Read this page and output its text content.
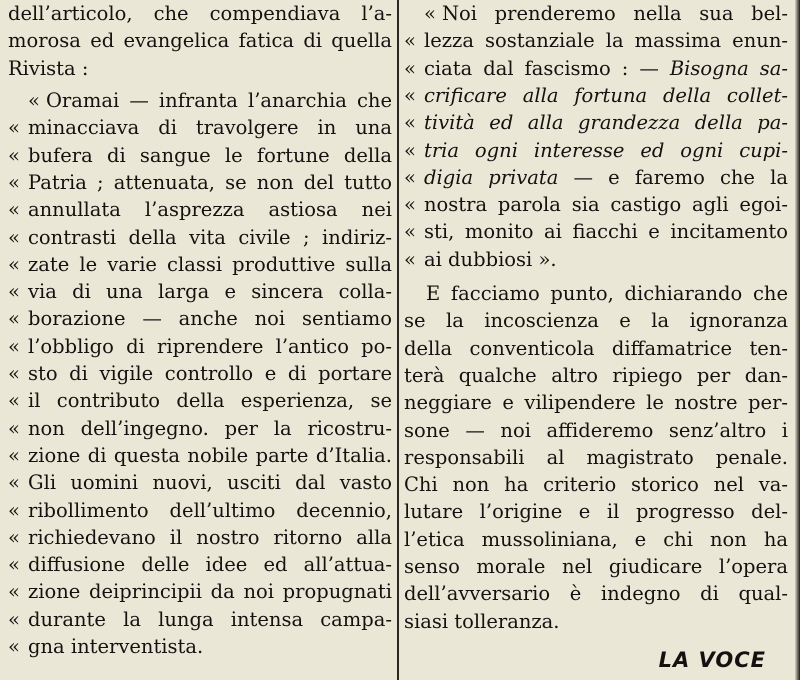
dell’articolo, che compendiava l’a-
morosa ed evangelica fatica di quella
Rivista :
« Oramai — infranta l’anarchia che
« minacciava di travolgere in una
« bufera di sangue le fortune della
« Patria ; attenuata, se non del tutto
« annullata l’asprezza astiosa nei
« contrasti della vita civile ; indiriz-
« zate le varie classi produttive sulla
« via di una larga e sincera colla-
« borazione — anche noi sentiamo
« l’obbligo di riprendere l’antico po-
« sto di vigile controllo e di portare
« il contributo della esperienza, se
« non dell’ingegno. per la ricostru-
« zione di questa nobile parte d’Italia.
« Gli uomini nuovi, usciti dal vasto
« ribollimento dell’ultimo decennio,
« richiedevano il nostro ritorno alla
« diffusione delle idee ed all’attua-
« zione deiprincipii da noi propugnati
« durante la lunga intensa campa-
« gna interventista.
« Noi prenderemo nella sua bel-
« lezza sostanziale la massima enun-
« ciata dal fascismo : — Bisogna sa-
« crificare alla fortuna della collet-
« tività ed alla grandezza della pa-
« tria ogni interesse ed ogni cupi-
« digia privata — e faremo che la
« nostra parola sia castigo agli egoi-
« sti, monito ai fiacchi e incitamento
« ai dubbiosi ».
E facciamo punto, dichiarando che
se la incoscienza e la ignoranza
della conventicola diffamatrice ten-
terà qualche altro ripiego per dan-
neggiare e vilipendere le nostre per-
sone — noi affideremo senz’altro i
responsabili al magistrato penale.
Chi non ha criterio storico nel va-
lutare l’origine e il progresso del-
l’etica mussoliniana, e chi non ha
senso morale nel giudicare l’opera
dell’avversario è indegno di qual-
siasi tolleranza.
LA VOCE
